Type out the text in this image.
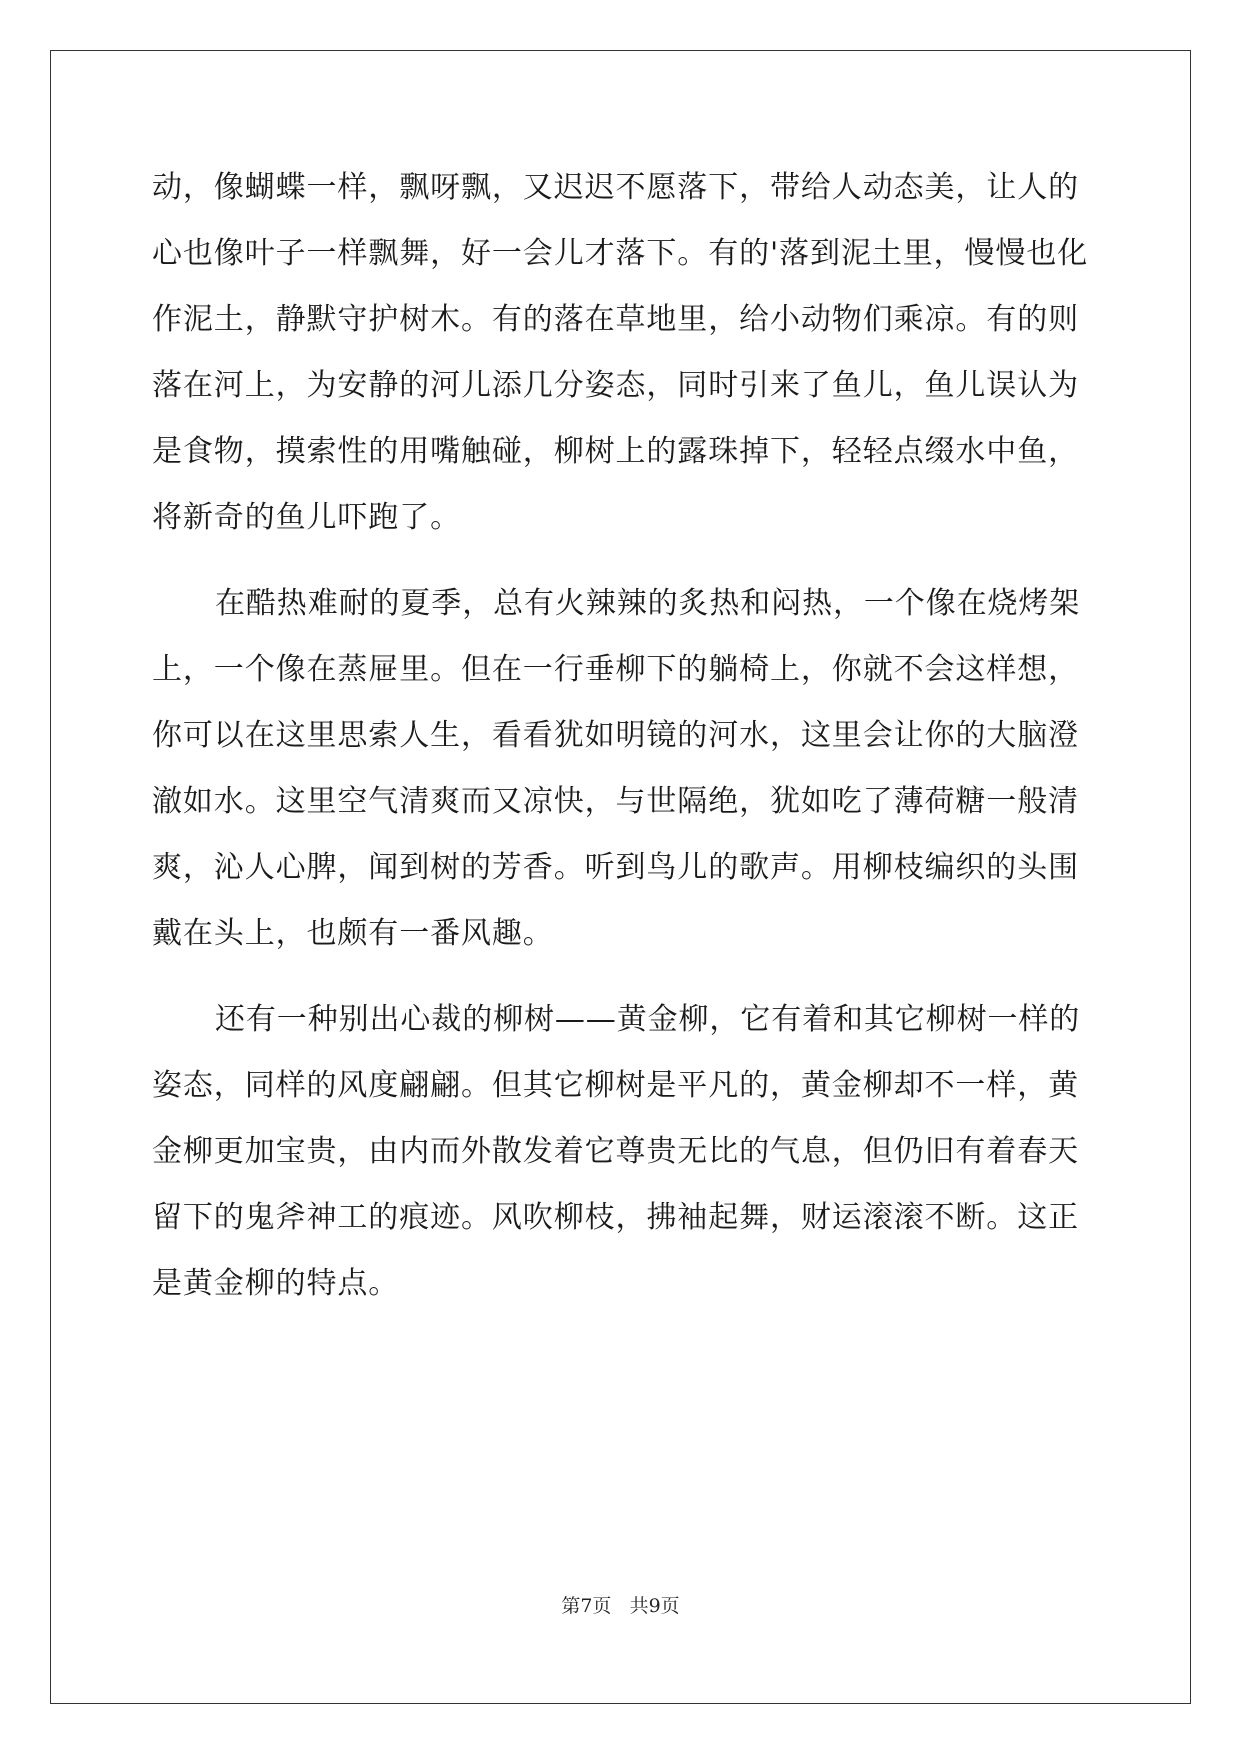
动，像蝴蝶一样，飘呀飘，又迟迟不愿落下，带给人动态美，让人的
心也像叶子一样飘舞，好一会儿才落下。有的'落到泥土里，慢慢也化
作泥土，静默守护树木。有的落在草地里，给小动物们乘凉。有的则
落在河上，为安静的河儿添几分姿态，同时引来了鱼儿，鱼儿误认为
是食物，摸索性的用嘴触碰，柳树上的露珠掉下，轻轻点缀水中鱼，
将新奇的鱼儿吓跑了。
在酷热难耐的夏季，总有火辣辣的炙热和闷热，一个像在烧烤架
上，一个像在蒸屉里。但在一行垂柳下的躺椅上，你就不会这样想，
你可以在这里思索人生，看看犹如明镜的河水，这里会让你的大脑澄
澈如水。这里空气清爽而又凉快，与世隔绝，犹如吃了薄荷糖一般清
爽，沁人心脾，闻到树的芳香。听到鸟儿的歌声。用柳枝编织的头围
戴在头上，也颇有一番风趣。
还有一种别出心裁的柳树——黄金柳，它有着和其它柳树一样的
姿态，同样的风度翩翩。但其它柳树是平凡的，黄金柳却不一样，黄
金柳更加宝贵，由内而外散发着它尊贵无比的气息，但仍旧有着春天
留下的鬼斧神工的痕迹。风吹柳枝，拂袖起舞，财运滚滚不断。这正
是黄金柳的特点。
第7页 共9页
